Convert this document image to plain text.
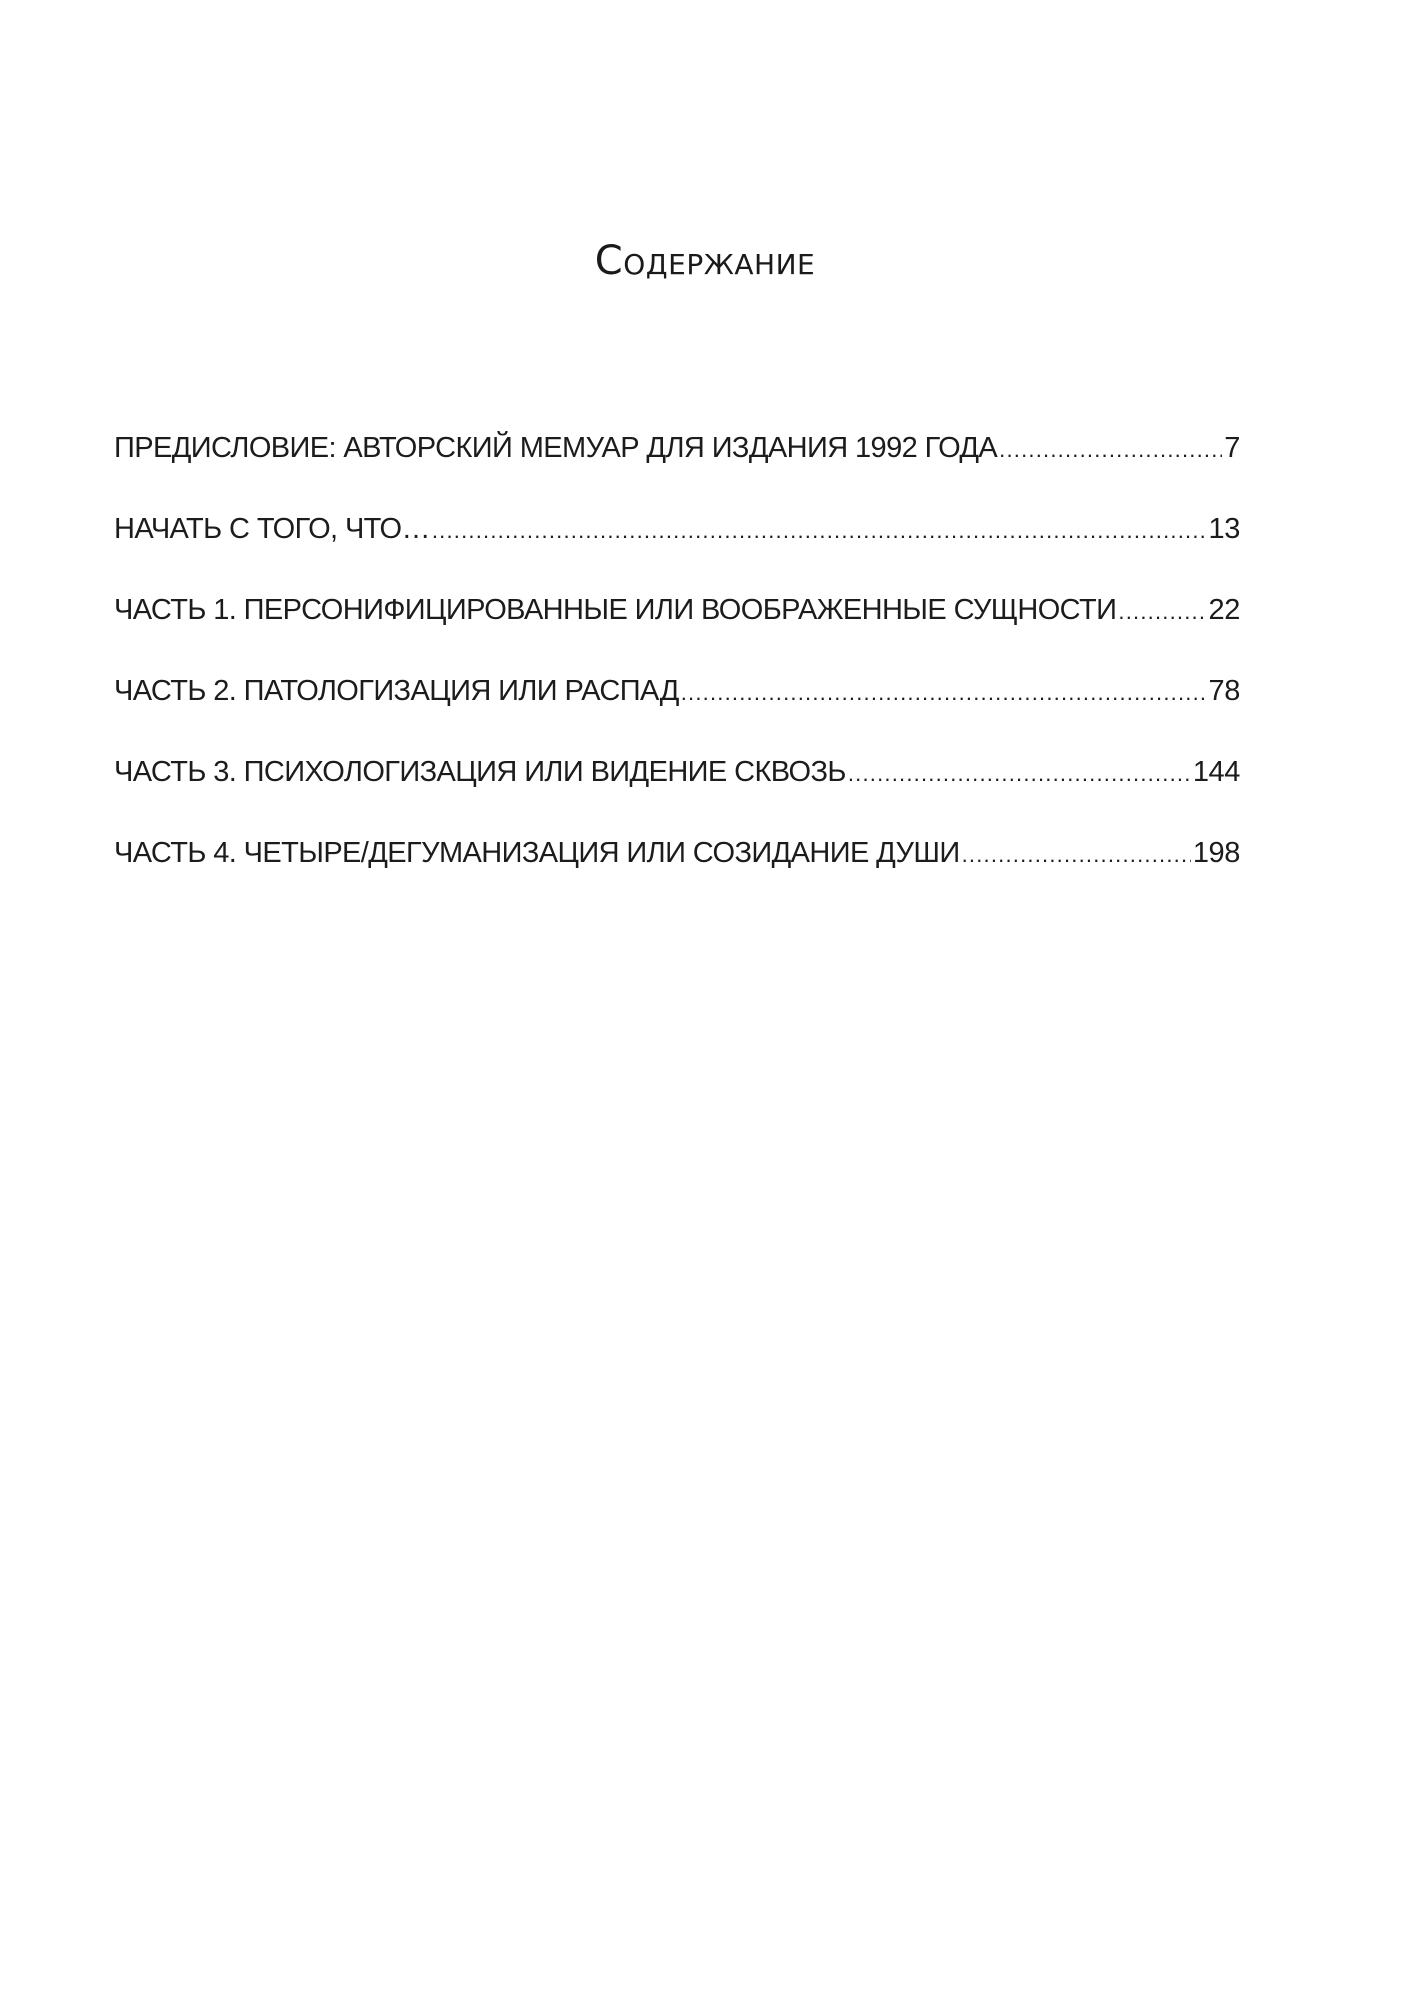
Содержание
ПРЕДИСЛОВИЕ: АВТОРСКИЙ МЕМУАР ДЛЯ ИЗДАНИЯ 1992 ГОДА .....	7
НАЧАТЬ С ТОГО, ЧТО… .....	13
ЧАСТЬ 1. ПЕРСОНИФИЦИРОВАННЫЕ ИЛИ ВООБРАЖЕННЫЕ СУЩНОСТИ .....	22
ЧАСТЬ 2. ПАТОЛОГИЗАЦИЯ ИЛИ РАСПАД .....	78
ЧАСТЬ 3. ПСИХОЛОГИЗАЦИЯ ИЛИ ВИДЕНИЕ СКВОЗЬ .....	144
ЧАСТЬ 4. ЧЕТЫРЕ/ДЕГУМАНИЗАЦИЯ ИЛИ СОЗИДАНИЕ ДУШИ .....	198
